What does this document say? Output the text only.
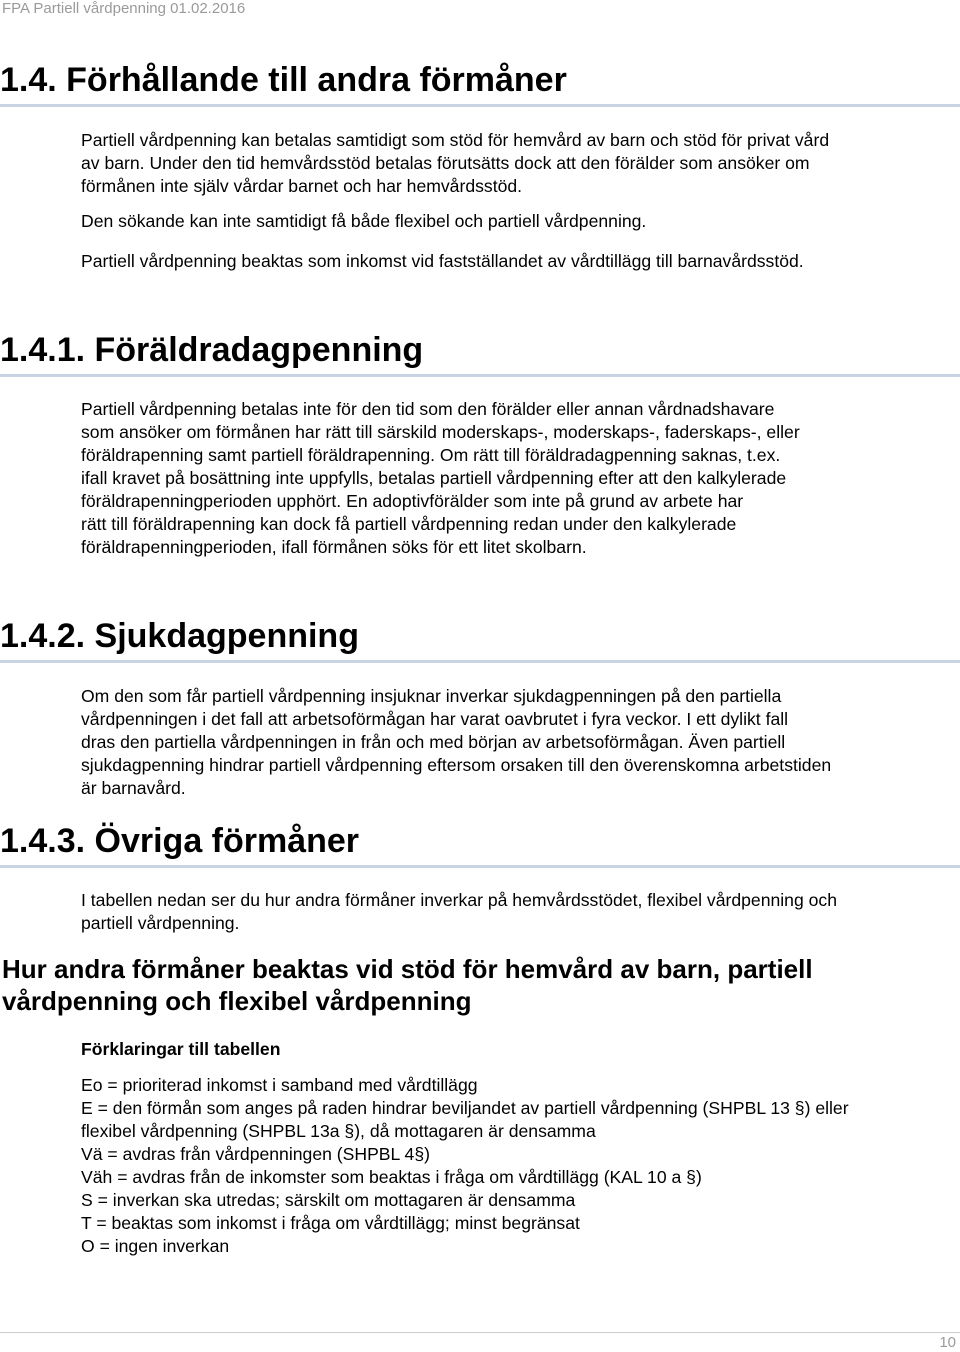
FPA Partiell vårdpenning 01.02.2016
1.4. Förhållande till andra förmåner
Partiell vårdpenning kan betalas samtidigt som stöd för hemvård av barn och stöd för privat vård
av barn. Under den tid hemvårdsstöd betalas förutsätts dock att den förälder som ansöker om
förmånen inte själv vårdar barnet och har hemvårdsstöd.
Den sökande kan inte samtidigt få både flexibel och partiell vårdpenning.
Partiell vårdpenning beaktas som inkomst vid fastställandet av vårdtillägg till barnavårdsstöd.
1.4.1. Föräldradagpenning
Partiell vårdpenning betalas inte för den tid som den förälder eller annan vårdnadshavare
som ansöker om förmånen har rätt till särskild moderskaps-, moderskaps-, faderskaps-, eller
föräldrapenning samt partiell föräldrapenning. Om rätt till föräldradagpenning saknas, t.ex.
ifall kravet på bosättning inte uppfylls, betalas partiell vårdpenning efter att den kalkylerade
föräldrapenningperioden upphört. En adoptivförälder som inte på grund av arbete har
rätt till föräldrapenning kan dock få partiell vårdpenning redan under den kalkylerade
föräldrapenningperioden, ifall förmånen söks för ett litet skolbarn.
1.4.2. Sjukdagpenning
Om den som får partiell vårdpenning insjuknar inverkar sjukdagpenningen på den partiella
vårdpenningen i det fall att arbetsoförmågan har varat oavbrutet i fyra veckor. I ett dylikt fall
dras den partiella vårdpenningen in från och med början av arbetsoförmågan. Även partiell
sjukdagpenning hindrar partiell vårdpenning eftersom orsaken till den överenskomna arbetstiden
är barnavård.
1.4.3. Övriga förmåner
I tabellen nedan ser du hur andra förmåner inverkar på hemvårdsstödet, flexibel vårdpenning och
partiell vårdpenning.
Hur andra förmåner beaktas vid stöd för hemvård av barn, partiell
vårdpenning och flexibel vårdpenning
Förklaringar till tabellen
Eo = prioriterad inkomst i samband med vårdtillägg
E = den förmån som anges på raden hindrar beviljandet av partiell vårdpenning (SHPBL 13 §) eller
flexibel vårdpenning (SHPBL 13a §), då mottagaren är densamma
Vä = avdras från vårdpenningen (SHPBL 4§)
Väh = avdras från de inkomster som beaktas i fråga om vårdtillägg (KAL 10 a §)
S = inverkan ska utredas; särskilt om mottagaren är densamma
T = beaktas som inkomst i fråga om vårdtillägg; minst begränsat
O = ingen inverkan
10
